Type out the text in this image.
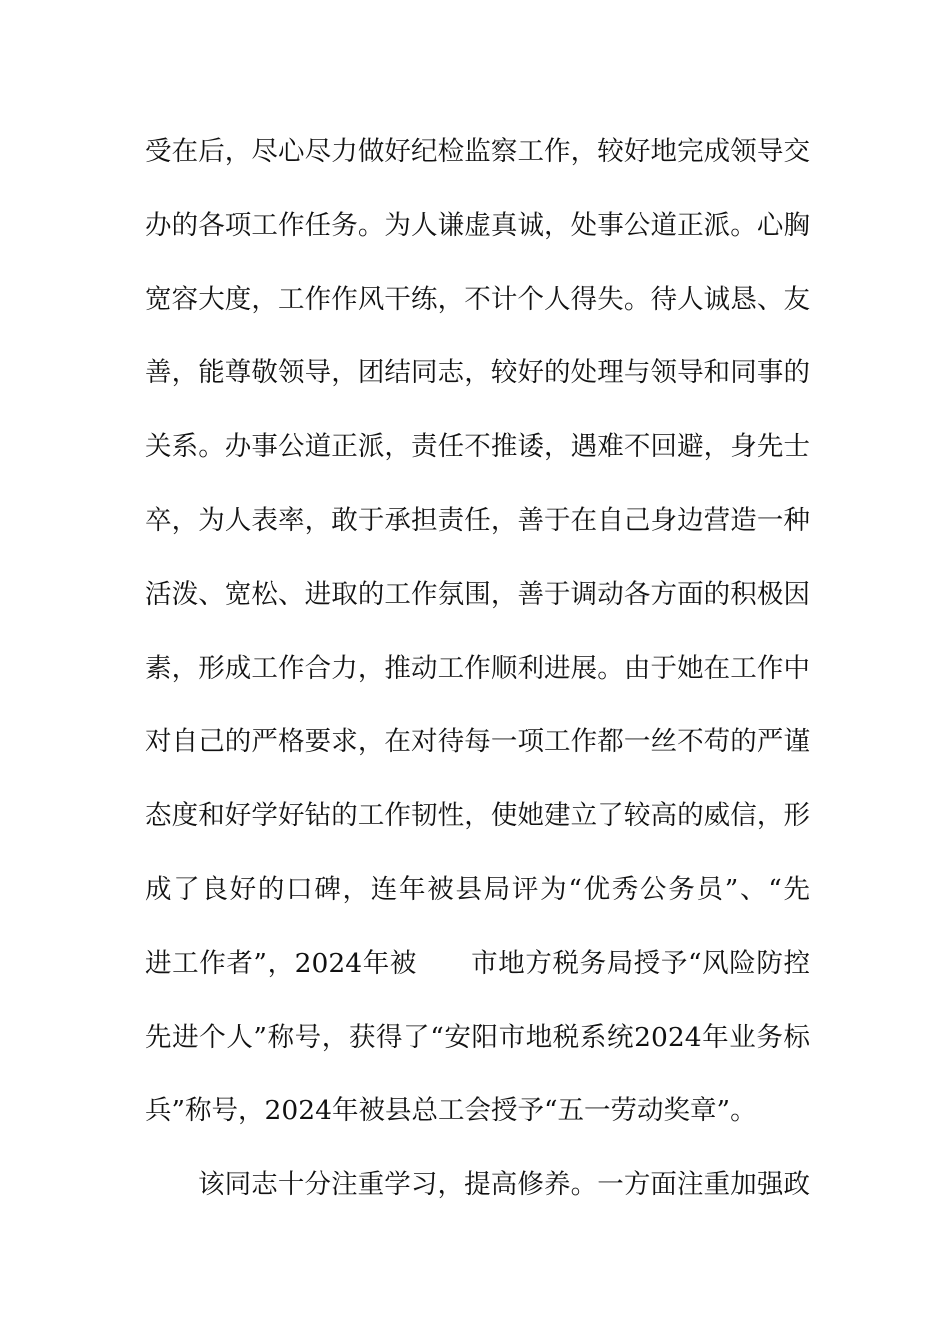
受在后，尽心尽力做好纪检监察工作，较好地完成领导交
办的各项工作任务。为人谦虚真诚，处事公道正派。心胸
宽容大度，工作作风干练，不计个人得失。待人诚恳、友
善，能尊敬领导，团结同志，较好的处理与领导和同事的
关系。办事公道正派，责任不推诿，遇难不回避，身先士
卒，为人表率，敢于承担责任，善于在自己身边营造一种
活泼、宽松、进取的工作氛围，善于调动各方面的积极因
素，形成工作合力，推动工作顺利进展。由于她在工作中
对自己的严格要求，在对待每一项工作都一丝不苟的严谨
态度和好学好钻的工作韧性，使她建立了较高的威信，形
成了良好的口碑，连年被县局评为“优秀公务员”、“先
进工作者”，2024年被　　市地方税务局授予“风险防控
先进个人”称号，获得了“安阳市地税系统2024年业务标
兵”称号，2024年被县总工会授予“五一劳动奖章”。
该同志十分注重学习，提高修养。一方面注重加强政
